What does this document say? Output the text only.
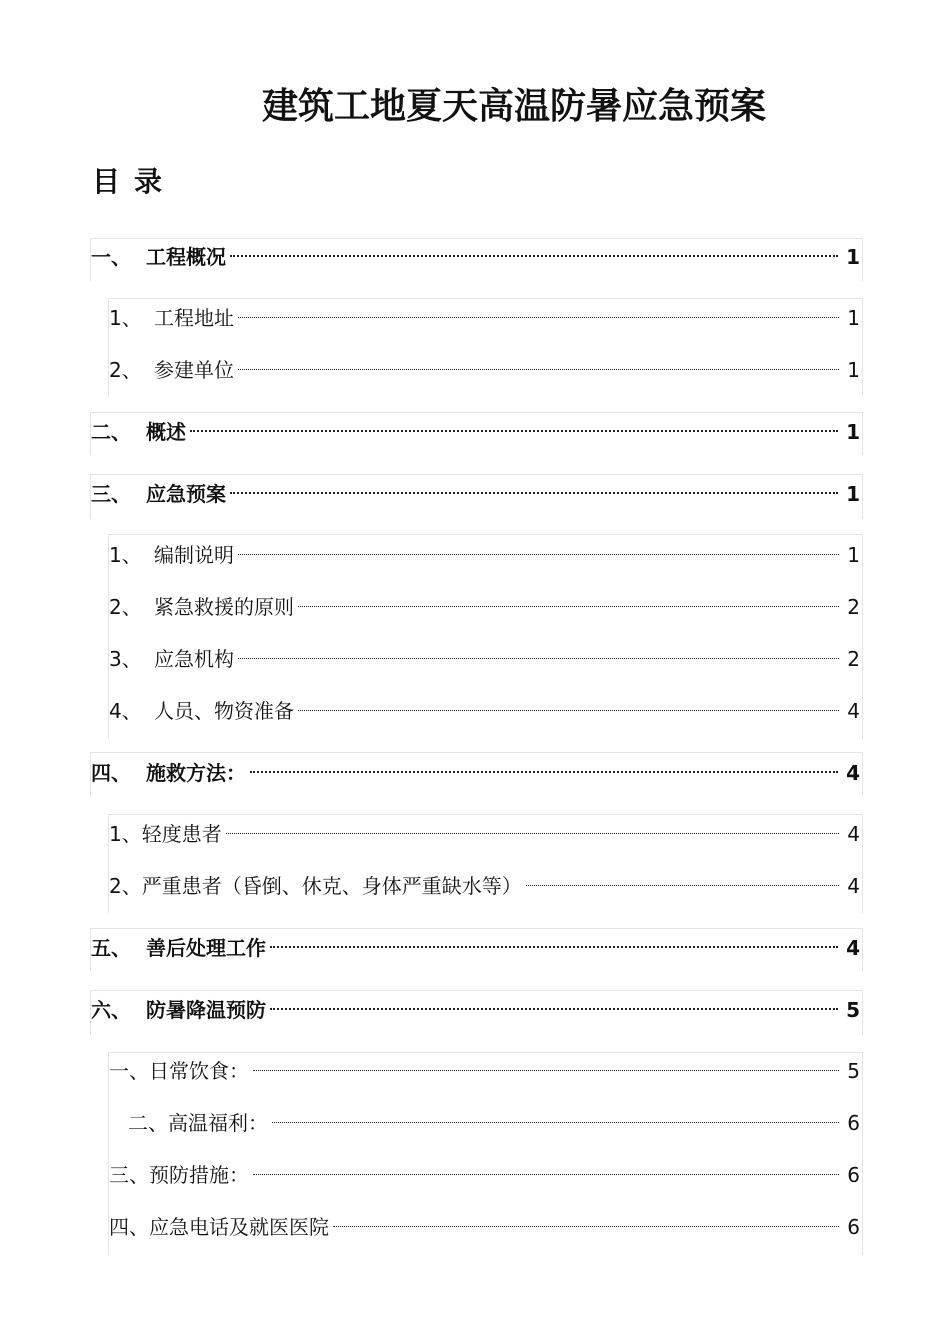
建筑工地夏天高温防暑应急预案
目 录
一、 工程概况	1
1、 工程地址	1
2、 参建单位	1
二、 概述	1
三、 应急预案	1
1、 编制说明	1
2、 紧急救援的原则	2
3、 应急机构	2
4、 人员、物资准备	4
四、 施救方法：	4
1、 轻度患者	4
2、 严重患者（昏倒、休克、身体严重缺水等）	4
五、 善后处理工作	4
六、 防暑降温预防	5
一、 日常饮食：	5
二、 高温福利：	6
三、 预防措施：	6
四、 应急电话及就医医院	6
